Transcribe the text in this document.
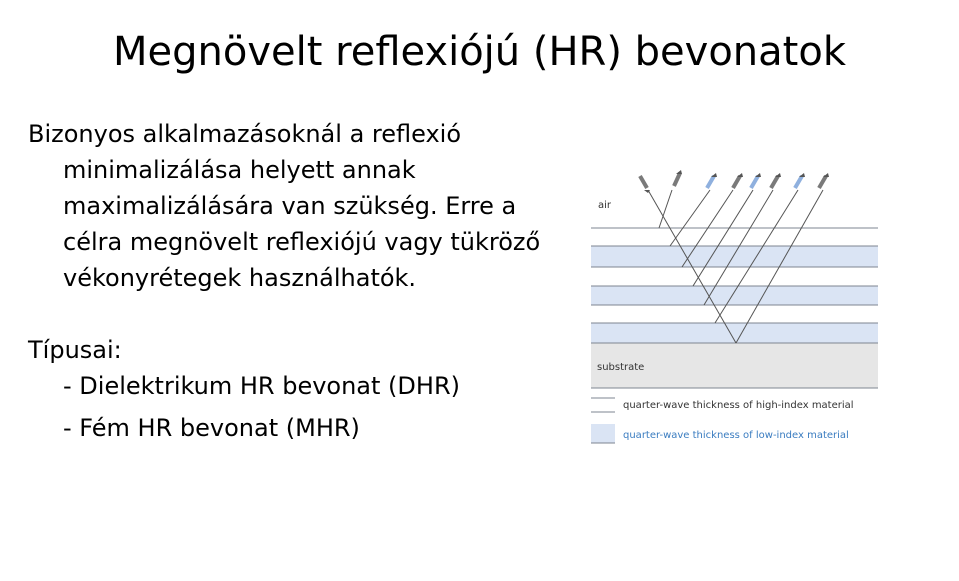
Megnövelt reflexiójú (HR) bevonatok

Bizonyos alkalmazásoknál a reflexió minimalizálása helyett annak maximalizálására van szükség. Erre a célra megnövelt reflexiójú vagy tükröző vékonyrétegek használhatók.

Típusai:

- Dielektrikum HR bevonat (DHR)

- Fém HR bevonat (MHR)

air
substrate
quarter-wave thickness of high-index material
quarter-wave thickness of low-index material
